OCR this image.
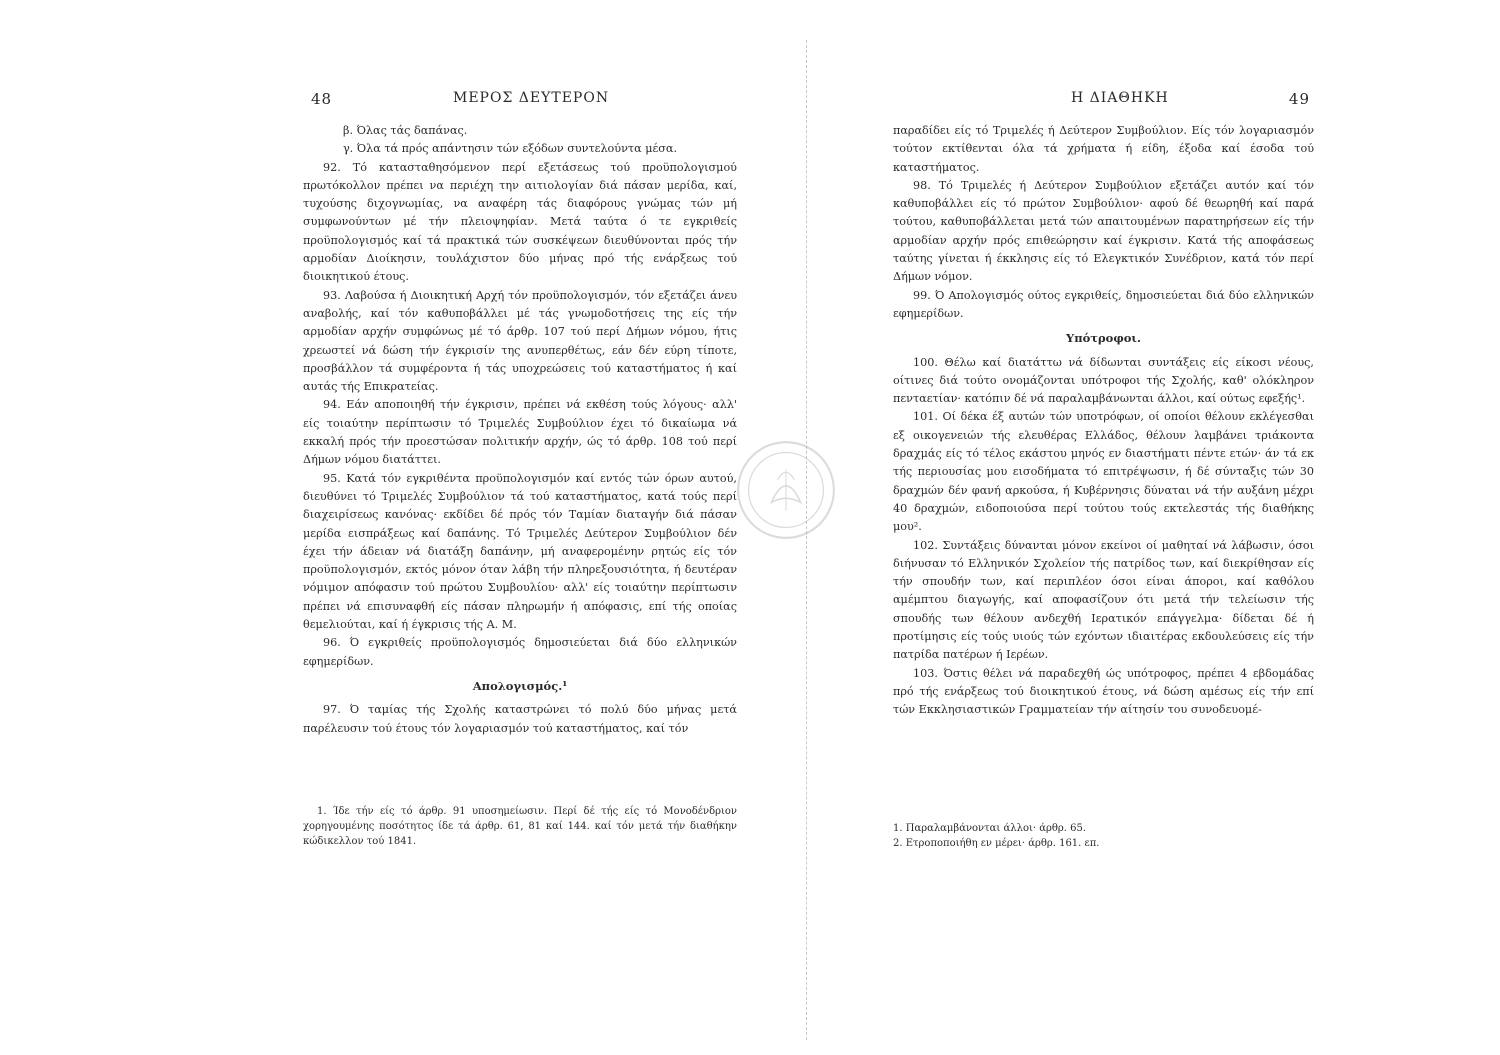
48	ΜΕΡΟΣ ΔΕΥΤΕΡΟΝ

β. Όλας τάς δαπάνας.

γ. Όλα τά πρός απάντησιν τών εξόδων συντελούντα μέσα.

92. Τό κατασταθησόμενον περί εξετάσεως τού προϋπολογισμού πρωτόκολλον πρέπει να περιέχη την αιτιολογίαν διά πάσαν μερίδα, καί, τυχούσης διχογνωμίας, να αναφέρη τάς διαφόρους γνώμας τών μή συμφωνούντων μέ τήν πλειοψηφίαν. Μετά ταύτα ό τε εγκριθείς προϋπολογισμός καί τά πρακτικά τών συσκέψεων διευθύνονται πρός τήν αρμοδίαν Διοίκησιν, τουλάχιστον δύο μήνας πρό τής ενάρξεως τού διοικητικού έτους.

93. Λαβούσα ή Διοικητική Αρχή τόν προϋπολογισμόν, τόν εξετάζει άνευ αναβολής, καί τόν καθυποβάλλει μέ τάς γνωμοδοτήσεις της είς τήν αρμοδίαν αρχήν συμφώνως μέ τό άρθρ. 107 τού περί Δήμων νόμου, ήτις χρεωστεί νά δώση τήν έγκρισίν της ανυπερθέτως, εάν δέν εύρη τίποτε, προσβάλλον τά συμφέροντα ή τάς υποχρεώσεις τού καταστήματος ή καί αυτάς τής Επικρατείας.

94. Εάν αποποιηθή τήν έγκρισιν, πρέπει νά εκθέση τούς λόγους· αλλ' είς τοιαύτην περίπτωσιν τό Τριμελές Συμβούλιον έχει τό δικαίωμα νά εκκαλή πρός τήν προεστώσαν πολιτικήν αρχήν, ώς τό άρθρ. 108 τού περί Δήμων νόμου διατάττει.

95. Κατά τόν εγκριθέντα προϋπολογισμόν καί εντός τών όρων αυτού, διευθύνει τό Τριμελές Συμβούλιον τά τού καταστήματος, κατά τούς περί διαχειρίσεως κανόνας· εκδίδει δέ πρός τόν Ταμίαν διαταγήν διά πάσαν μερίδα εισπράξεως καί δαπάνης. Τό Τριμελές Δεύτερον Συμβούλιον δέν έχει τήν άδειαν νά διατάξη δαπάνην, μή αναφερομένην ρητώς είς τόν προϋπολογισμόν, εκτός μόνον όταν λάβη τήν πληρεξουσιότητα, ή δευτέραν νόμιμον απόφασιν τού πρώτου Συμβουλίου· αλλ' είς τοιαύτην περίπτωσιν πρέπει νά επισυναφθή είς πάσαν πληρωμήν ή απόφασις, επί τής οποίας θεμελιούται, καί ή έγκρισις τής Α. Μ.

96. Ό εγκριθείς προϋπολογισμός δημοσιεύεται διά δύο ελληνικών εφημερίδων.

Απολογισμός.¹

97. Ό ταμίας τής Σχολής καταστρώνει τό πολύ δύο μήνας μετά παρέλευσιν τού έτους τόν λογαριασμόν τού καταστήματος, καί τόν

1. Ίδε τήν είς τό άρθρ. 91 υποσημείωσιν. Περί δέ τής είς τό Μονοδένδριον χορηγουμένης ποσότητος ίδε τά άρθρ. 61, 81 καί 144. καί τόν μετά τήν διαθήκην κώδικελλον τού 1841.

Η ΔΙΑΘΗΚΗ	49

παραδίδει είς τό Τριμελές ή Δεύτερον Συμβούλιον. Είς τόν λογαριασμόν τούτον εκτίθενται όλα τά χρήματα ή είδη, έξοδα καί έσοδα τού καταστήματος.

98. Τό Τριμελές ή Δεύτερον Συμβούλιον εξετάζει αυτόν καί τόν καθυποβάλλει είς τό πρώτον Συμβούλιον· αφού δέ θεωρηθή καί παρά τούτου, καθυποβάλλεται μετά τών απαιτουμένων παρατηρήσεων είς τήν αρμοδίαν αρχήν πρός επιθεώρησιν καί έγκρισιν. Κατά τής αποφάσεως ταύτης γίνεται ή έκκλησις είς τό Ελεγκτικόν Συνέδριον, κατά τόν περί Δήμων νόμον.

99. Ό Απολογισμός ούτος εγκριθείς, δημοσιεύεται διά δύο ελληνικών εφημερίδων.

Υπότροφοι.

100. Θέλω καί διατάττω νά δίδωνται συντάξεις είς είκοσι νέους, οίτινες διά τούτο ονομάζονται υπότροφοι τής Σχολής, καθ' ολόκληρον πενταετίαν· κατόπιν δέ νά παραλαμβάνωνται άλλοι, καί ούτως εφεξής¹.

101. Οί δέκα έξ αυτών τών υποτρόφων, οί οποίοι θέλουν εκλέγεσθαι εξ οικογενειών τής ελευθέρας Ελλάδος, θέλουν λαμβάνει τριάκοντα δραχμάς είς τό τέλος εκάστου μηνός εν διαστήματι πέντε ετών· άν τά εκ τής περιουσίας μου εισοδήματα τό επιτρέψωσιν, ή δέ σύνταξις τών 30 δραχμών δέν φανή αρκούσα, ή Κυβέρνησις δύναται νά τήν αυξάνη μέχρι 40 δραχμών, ειδοποιούσα περί τούτου τούς εκτελεστάς τής διαθήκης μου².

102. Συντάξεις δύνανται μόνον εκείνοι οί μαθηταί νά λάβωσιν, όσοι διήνυσαν τό Ελληνικόν Σχολείον τής πατρίδος των, καί διεκρίθησαν είς τήν σπουδήν των, καί περιπλέον όσοι είναι άποροι, καί καθόλου αμέμπτου διαγωγής, καί αποφασίζουν ότι μετά τήν τελείωσιν τής σπουδής των θέλουν ανδεχθή Ιερατικόν επάγγελμα· δίδεται δέ ή προτίμησις είς τούς υιούς τών εχόντων ιδιαιτέρας εκδουλεύσεις είς τήν πατρίδα πατέρων ή Ιερέων.

103. Όστις θέλει νά παραδεχθή ώς υπότροφος, πρέπει 4 εβδομάδας πρό τής ενάρξεως τού διοικητικού έτους, νά δώση αμέσως είς τήν επί τών Εκκλησιαστικών Γραμματείαν τήν αίτησίν του συνοδευομέ-

1. Παραλαμβάνονται άλλοι· άρθρ. 65.

2. Ετροποποιήθη εν μέρει· άρθρ. 161. επ.
